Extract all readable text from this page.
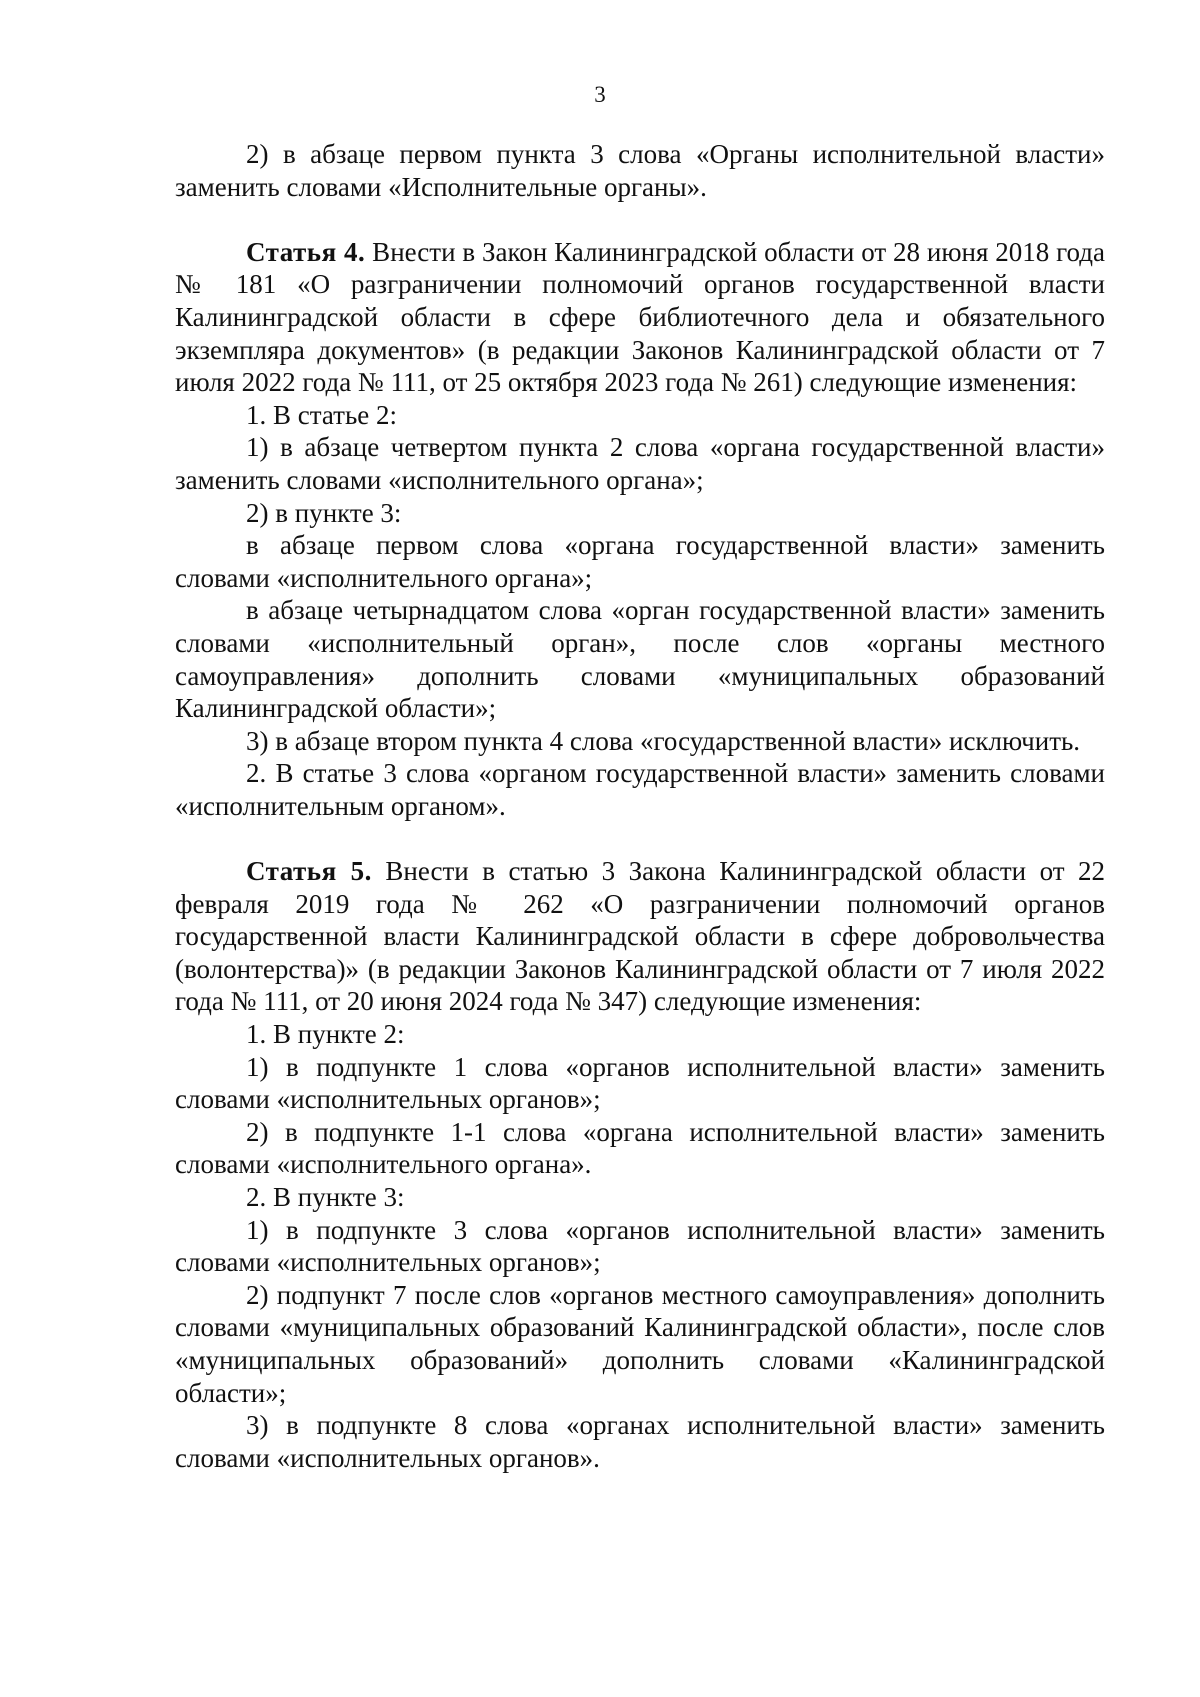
3

2) в абзаце первом пункта 3 слова «Органы исполнительной власти» заменить словами «Исполнительные органы».

Статья 4. Внести в Закон Калининградской области от 28 июня 2018 года № 181 «О разграничении полномочий органов государственной власти Калининградской области в сфере библиотечного дела и обязательного экземпляра документов» (в редакции Законов Калининградской области от 7 июля 2022 года № 111, от 25 октября 2023 года № 261) следующие изменения:

1. В статье 2:

1) в абзаце четвертом пункта 2 слова «органа государственной власти» заменить словами «исполнительного органа»;

2) в пункте 3:

в абзаце первом слова «органа государственной власти» заменить словами «исполнительного органа»;

в абзаце четырнадцатом слова «орган государственной власти» заменить словами «исполнительный орган», после слов «органы местного самоуправления» дополнить словами «муниципальных образований Калининградской области»;

3) в абзаце втором пункта 4 слова «государственной власти» исключить.

2. В статье 3 слова «органом государственной власти» заменить словами «исполнительным органом».

Статья 5. Внести в статью 3 Закона Калининградской области от 22 февраля 2019 года № 262 «О разграничении полномочий органов государственной власти Калининградской области в сфере добровольчества (волонтерства)» (в редакции Законов Калининградской области от 7 июля 2022 года № 111, от 20 июня 2024 года № 347) следующие изменения:

1. В пункте 2:

1) в подпункте 1 слова «органов исполнительной власти» заменить словами «исполнительных органов»;

2) в подпункте 1-1 слова «органа исполнительной власти» заменить словами «исполнительного органа».

2. В пункте 3:

1) в подпункте 3 слова «органов исполнительной власти» заменить словами «исполнительных органов»;

2) подпункт 7 после слов «органов местного самоуправления» дополнить словами «муниципальных образований Калининградской области», после слов «муниципальных образований» дополнить словами «Калининградской области»;

3) в подпункте 8 слова «органах исполнительной власти» заменить словами «исполнительных органов».
